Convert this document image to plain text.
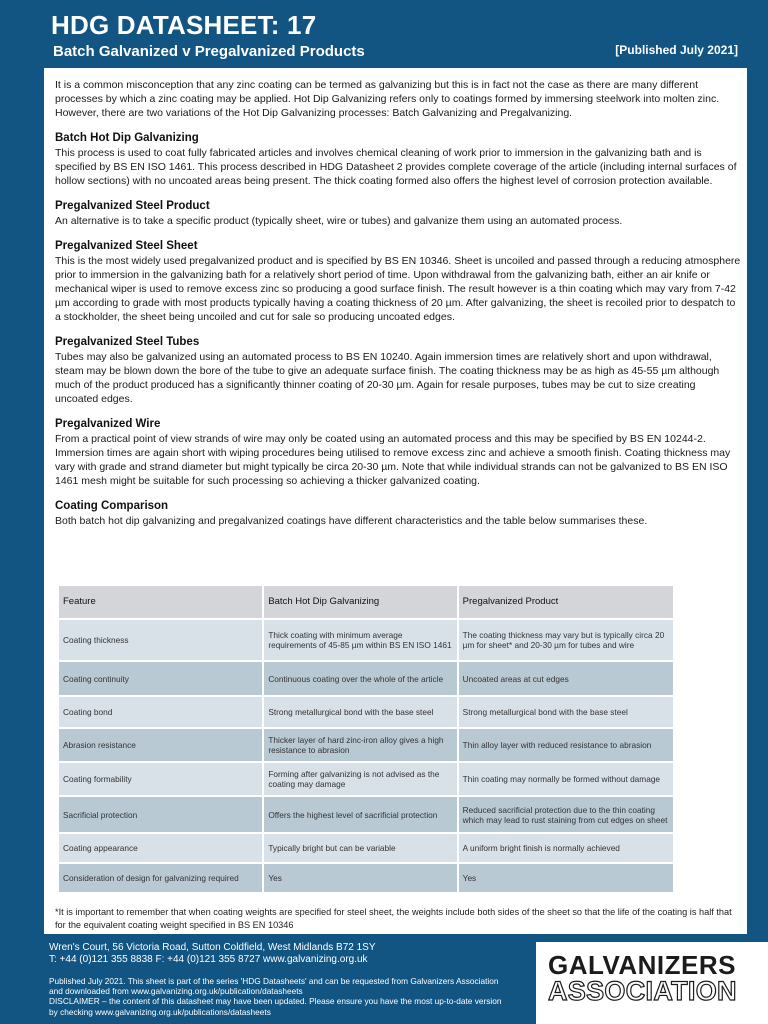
HDG DATASHEET: 17
Batch Galvanized v Pregalvanized Products	[Published July 2021]

It is a common misconception that any zinc coating can be termed as galvanizing but this is in fact not the case as there are many different processes by which a zinc coating may be applied. Hot Dip Galvanizing refers only to coatings formed by immersing steelwork into molten zinc. However, there are two variations of the Hot Dip Galvanizing processes: Batch Galvanizing and Pregalvanizing.

Batch Hot Dip Galvanizing

This process is used to coat fully fabricated articles and involves chemical cleaning of work prior to immersion in the galvanizing bath and is specified by BS EN ISO 1461. This process described in HDG Datasheet 2 provides complete coverage of the article (including internal surfaces of hollow sections) with no uncoated areas being present. The thick coating formed also offers the highest level of corrosion protection available.

Pregalvanized Steel Product

An alternative is to take a specific product (typically sheet, wire or tubes) and galvanize them using an automated process.

Pregalvanized Steel Sheet

This is the most widely used pregalvanized product and is specified by BS EN 10346. Sheet is uncoiled and passed through a reducing atmosphere prior to immersion in the galvanizing bath for a relatively short period of time. Upon withdrawal from the galvanizing bath, either an air knife or mechanical wiper is used to remove excess zinc so producing a good surface finish. The result however is a thin coating which may vary from 7-42 µm according to grade with most products typically having a coating thickness of 20 µm. After galvanizing, the sheet is recoiled prior to despatch to a stockholder, the sheet being uncoiled and cut for sale so producing uncoated edges.

Pregalvanized Steel Tubes

Tubes may also be galvanized using an automated process to BS EN 10240. Again immersion times are relatively short and upon withdrawal, steam may be blown down the bore of the tube to give an adequate surface finish. The coating thickness may be as high as 45-55 µm although much of the product produced has a significantly thinner coating of 20-30 µm. Again for resale purposes, tubes may be cut to size creating uncoated edges.

Pregalvanized Wire

From a practical point of view strands of wire may only be coated using an automated process and this may be specified by BS EN 10244-2. Immersion times are again short with wiping procedures being utilised to remove excess zinc and achieve a smooth finish. Coating thickness may vary with grade and strand diameter but might typically be circa 20-30 µm. Note that while individual strands can not be galvanized to BS EN ISO 1461 mesh might be suitable for such processing so achieving a thicker galvanized coating.

Coating Comparison

Both batch hot dip galvanizing and pregalvanized coatings have different characteristics and the table below summarises these.

Feature	Batch Hot Dip Galvanizing	Pregalvanized Product
Coating thickness	Thick coating with minimum average requirements of 45-85 µm within BS EN ISO 1461	The coating thickness may vary but is typically circa 20 µm for sheet* and 20-30 µm for tubes and wire
Coating continuity	Continuous coating over the whole of the article	Uncoated areas at cut edges
Coating bond	Strong metallurgical bond with the base steel	Strong metallurgical bond with the base steel
Abrasion resistance	Thicker layer of hard zinc-iron alloy gives a high resistance to abrasion	Thin alloy layer with reduced resistance to abrasion
Coating formability	Forming after galvanizing is not advised as the coating may damage	Thin coating may normally be formed without damage
Sacrificial protection	Offers the highest level of sacrificial protection	Reduced sacrificial protection due to the thin coating which may lead to rust staining from cut edges on sheet
Coating appearance	Typically bright but can be variable	A uniform bright finish is normally achieved
Consideration of design for galvanizing required	Yes	Yes

*It is important to remember that when coating weights are specified for steel sheet, the weights include both sides of the sheet so that the life of the coating is half that for the equivalent coating weight specified in BS EN 10346

Wren's Court, 56 Victoria Road, Sutton Coldfield, West Midlands B72 1SY
T: +44 (0)121 355 8838 F: +44 (0)121 355 8727 www.galvanizing.org.uk
Published July 2021. This sheet is part of the series 'HDG Datasheets' and can be requested from Galvanizers Association and downloaded from www.galvanizing.org.uk/publication/datasheets
DISCLAIMER – the content of this datasheet may have been updated. Please ensure you have the most up-to-date version by checking www.galvanizing.org.uk/publications/datasheets
GALVANIZERS
ASSOCIATION
